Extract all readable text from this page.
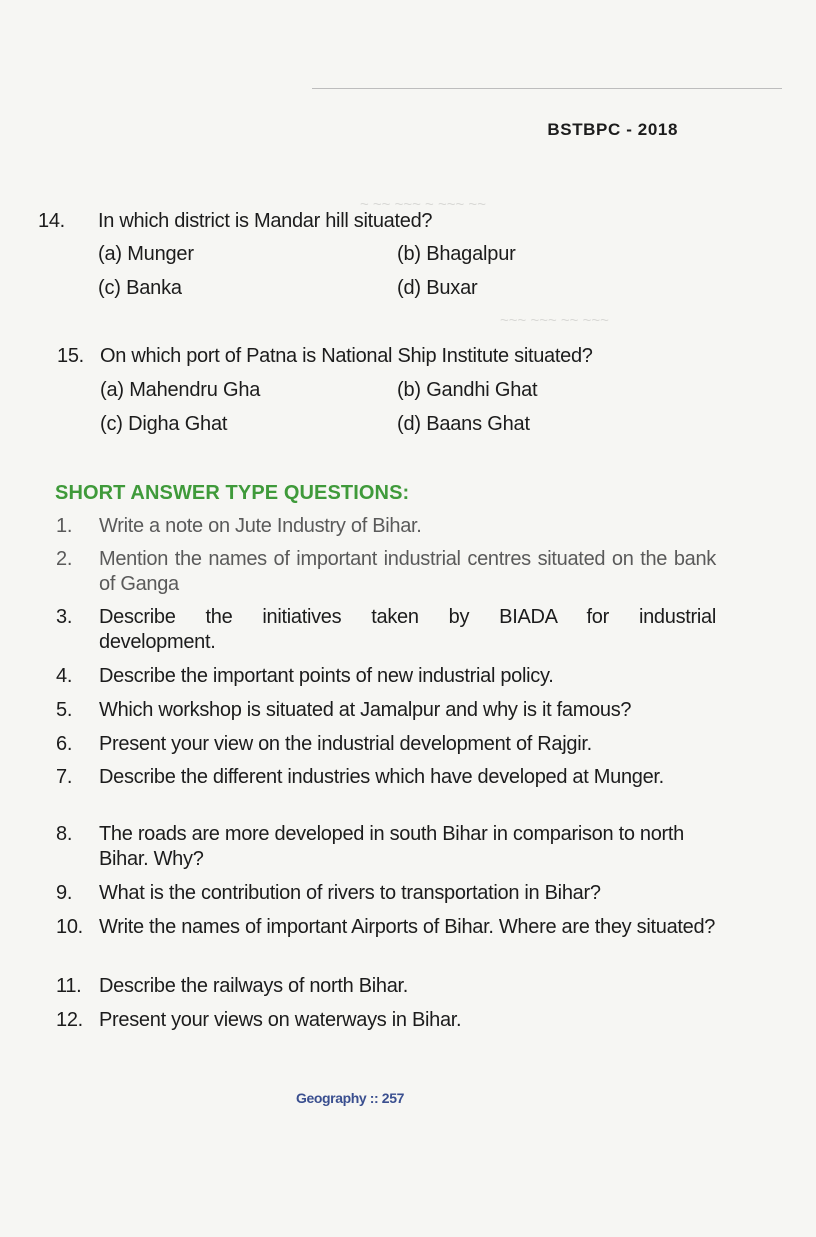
BSTBPC - 2018
~ ~~ ~~~ ~ ~~~ ~~
~~~ ~~~ ~~ ~~~
14. In which district is Mandar hill situated?
(a) Munger	(b) Bhagalpur
(c) Banka	(d) Buxar
15. On which port of Patna is National Ship Institute situated?
(a) Mahendru Gha	(b) Gandhi Ghat
(c) Digha Ghat	(d) Baans Ghat
SHORT ANSWER TYPE QUESTIONS:
1. Write a note on Jute Industry of Bihar.
2. Mention the names of important industrial centres situated on the bank of Ganga
3. Describe the initiatives taken by BIADA for industrial development.
4. Describe the important points of new industrial policy.
5. Which workshop is situated at Jamalpur and why is it famous?
6. Present your view on the industrial development of Rajgir.
7. Describe the different industries which have developed at Munger.
8. The roads are more developed in south Bihar in comparison to north Bihar. Why?
9. What is the contribution of rivers to transportation in Bihar?
10. Write the names of important Airports of Bihar. Where are they situated?
11. Describe the railways of north Bihar.
12. Present your views on waterways in Bihar.
Geography :: 257
